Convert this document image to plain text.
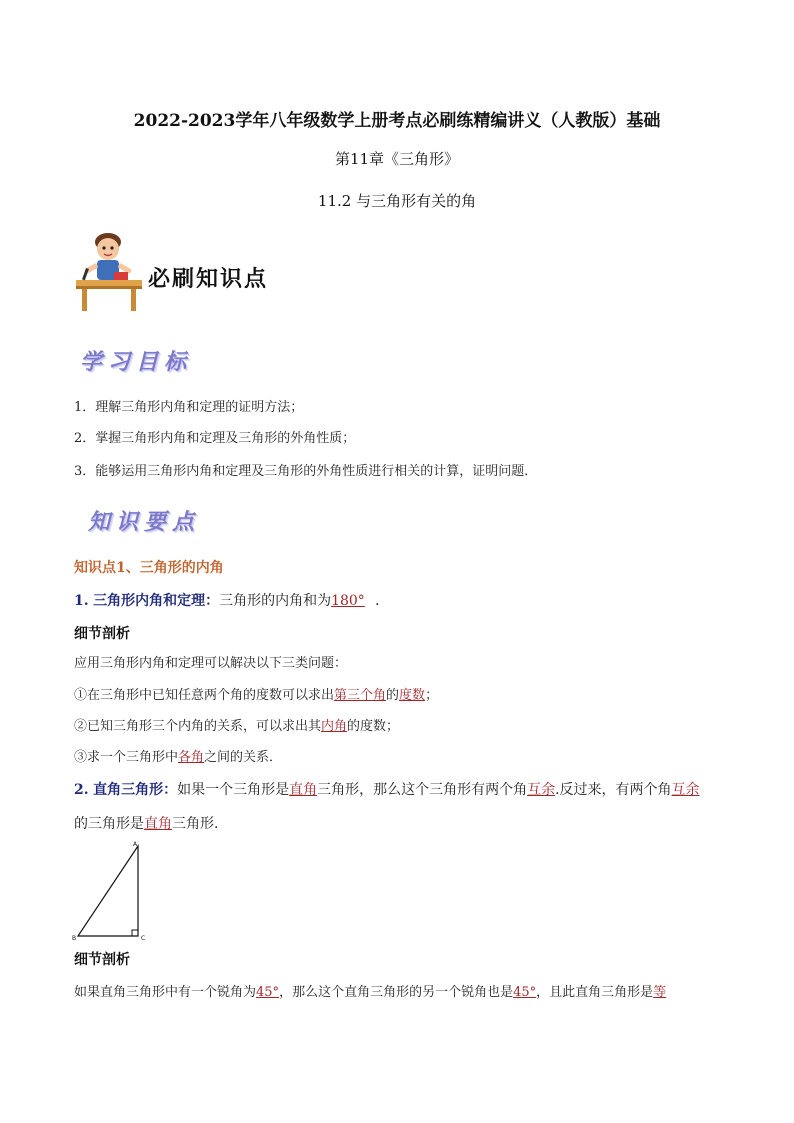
2022-2023学年八年级数学上册考点必刷练精编讲义（人教版）基础
第11章《三角形》
11.2 与三角形有关的角
必刷知识点
学习目标
1．理解三角形内角和定理的证明方法；
2．掌握三角形内角和定理及三角形的外角性质；
3．能够运用三角形内角和定理及三角形的外角性质进行相关的计算，证明问题．
知识要点
知识点1、三角形的内角
1. 三角形内角和定理：三角形的内角和为180° ．
细节剖析
应用三角形内角和定理可以解决以下三类问题：
①在三角形中已知任意两个角的度数可以求出第三个角的度数；
②已知三角形三个内角的关系，可以求出其内角的度数；
③求一个三角形中各角之间的关系．
2. 直角三角形：如果一个三角形是直角三角形，那么这个三角形有两个角互余.反过来，有两个角互余
的三角形是直角三角形.
A
B	C
细节剖析
如果直角三角形中有一个锐角为45°，那么这个直角三角形的另一个锐角也是45°，且此直角三角形是等
